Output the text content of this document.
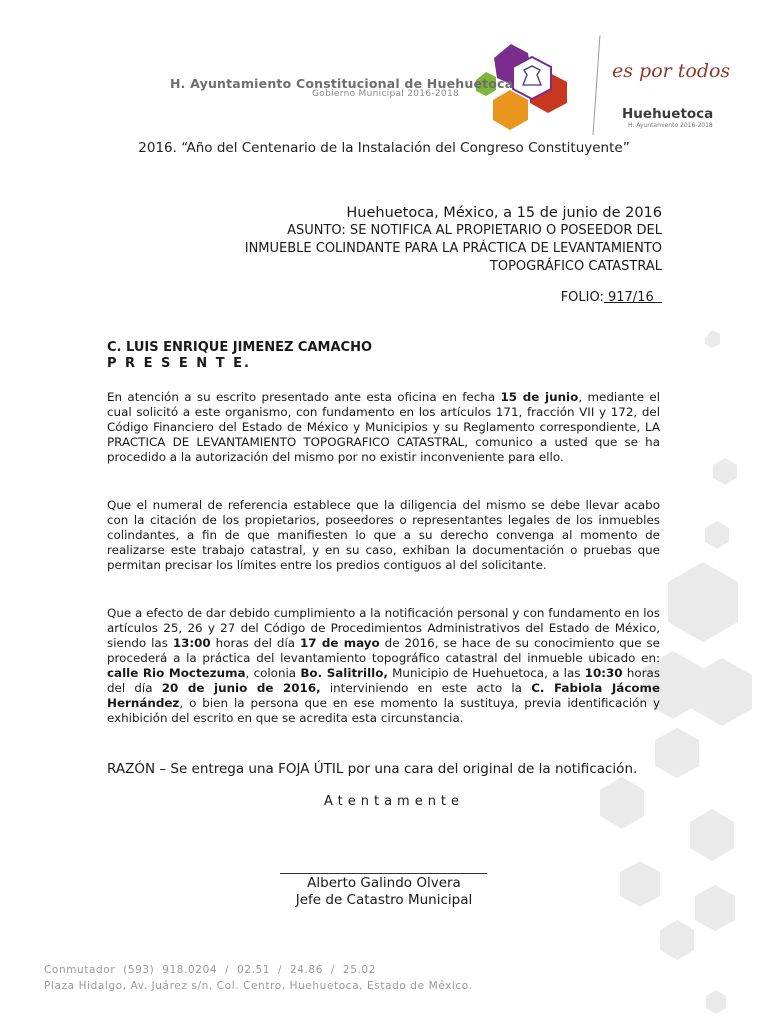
H. Ayuntamiento Constitucional de Huehuetoca
Gobierno Municipal 2016-2018
es por todos
Huehuetoca
H. Ayuntamiento 2016-2018
2016. “Año del Centenario de la Instalación del Congreso Constituyente”
Huehuetoca, México, a 15 de junio de 2016
ASUNTO: SE NOTIFICA AL PROPIETARIO O POSEEDOR DEL INMUEBLE COLINDANTE PARA LA PRÁCTICA DE LEVANTAMIENTO TOPOGRÁFICO CATASTRAL
FOLIO: 917/16
C. LUIS ENRIQUE JIMENEZ CAMACHO
P R E S E N T E.
En atención a su escrito presentado ante esta oficina en fecha 15 de junio, mediante el cual solicitó a este organismo, con fundamento en los artículos 171, fracción VII y 172, del Código Financiero del Estado de México y Municipios y su Reglamento correspondiente, LA PRACTICA DE LEVANTAMIENTO TOPOGRAFICO CATASTRAL, comunico a usted que se ha procedido a la autorización del mismo por no existir inconveniente para ello.
Que el numeral de referencia establece que la diligencia del mismo se debe llevar acabo con la citación de los propietarios, poseedores o representantes legales de los inmuebles colindantes, a fin de que manifiesten lo que a su derecho convenga al momento de realizarse este trabajo catastral, y en su caso, exhiban la documentación o pruebas que permitan precisar los límites entre los predios contiguos al del solicitante.
Que a efecto de dar debido cumplimiento a la notificación personal y con fundamento en los artículos 25, 26 y 27 del Código de Procedimientos Administrativos del Estado de México, siendo las 13:00 horas del día 17 de mayo de 2016, se hace de su conocimiento que se procederá a la práctica del levantamiento topográfico catastral del inmueble ubicado en: calle Rio Moctezuma, colonia Bo. Salitrillo, Municipio de Huehuetoca, a las 10:30 horas del día 20 de junio de 2016, interviniendo en este acto la C. Fabiola Jácome Hernández, o bien la persona que en ese momento la sustituya, previa identificación y exhibición del escrito en que se acredita esta circunstancia.
RAZÓN – Se entrega una FOJA ÚTIL por una cara del original de la notificación.
Atentamente
Alberto Galindo Olvera
Jefe de Catastro Municipal
Conmutador  (593)  918.0204  /  02.51  /  24.86  /  25.02
Plaza Hidalgo, Av. Juárez s/n, Col. Centro, Huehuetoca, Estado de México.
